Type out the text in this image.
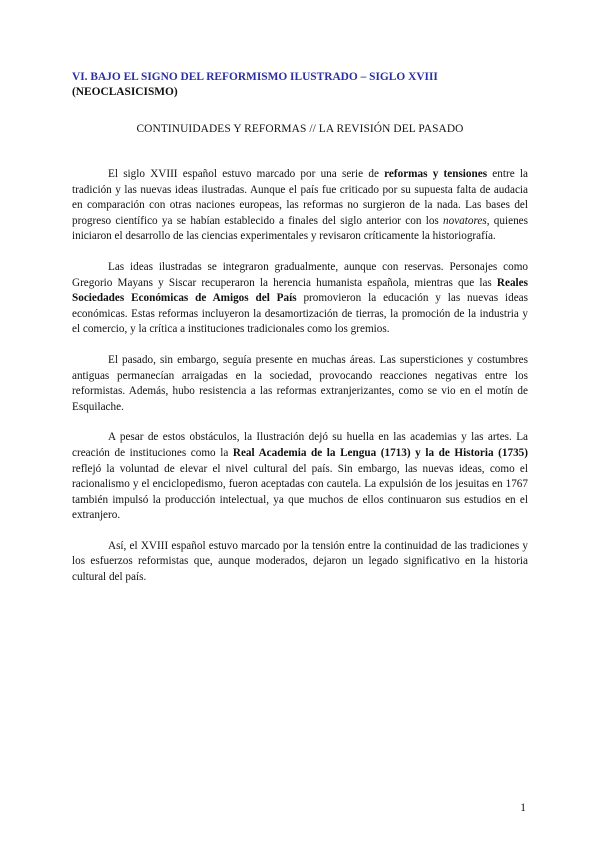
VI. BAJO EL SIGNO DEL REFORMISMO ILUSTRADO – SIGLO XVIII
(NEOCLASICISMO)
CONTINUIDADES Y REFORMAS // LA REVISIÓN DEL PASADO

El siglo XVIII español estuvo marcado por una serie de reformas y tensiones entre la tradición y las nuevas ideas ilustradas. Aunque el país fue criticado por su supuesta falta de audacia en comparación con otras naciones europeas, las reformas no surgieron de la nada. Las bases del progreso científico ya se habían establecido a finales del siglo anterior con los novatores, quienes iniciaron el desarrollo de las ciencias experimentales y revisaron críticamente la historiografía.

Las ideas ilustradas se integraron gradualmente, aunque con reservas. Personajes como Gregorio Mayans y Siscar recuperaron la herencia humanista española, mientras que las Reales Sociedades Económicas de Amigos del País promovieron la educación y las nuevas ideas económicas. Estas reformas incluyeron la desamortización de tierras, la promoción de la industria y el comercio, y la crítica a instituciones tradicionales como los gremios.

El pasado, sin embargo, seguía presente en muchas áreas. Las supersticiones y costumbres antiguas permanecían arraigadas en la sociedad, provocando reacciones negativas entre los reformistas. Además, hubo resistencia a las reformas extranjerizantes, como se vio en el motín de Esquilache.

A pesar de estos obstáculos, la Ilustración dejó su huella en las academias y las artes. La creación de instituciones como la Real Academia de la Lengua (1713) y la de Historia (1735) reflejó la voluntad de elevar el nivel cultural del país. Sin embargo, las nuevas ideas, como el racionalismo y el enciclopedismo, fueron aceptadas con cautela. La expulsión de los jesuitas en 1767 también impulsó la producción intelectual, ya que muchos de ellos continuaron sus estudios en el extranjero.

Así, el XVIII español estuvo marcado por la tensión entre la continuidad de las tradiciones y los esfuerzos reformistas que, aunque moderados, dejaron un legado significativo en la historia cultural del país.

1
